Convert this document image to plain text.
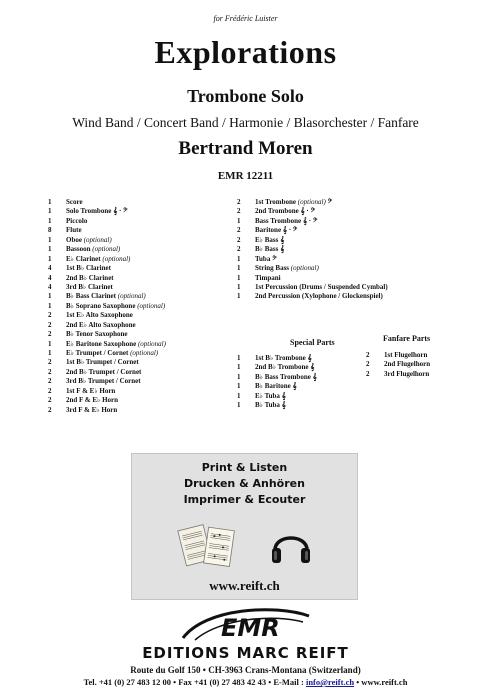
for Frédéric Luister
Explorations
Trombone Solo
Wind Band / Concert Band / Harmonie / Blasorchester / Fanfare
Bertrand Moren
EMR 12211
1	Score
1	Solo Trombone 𝄞 · 𝄢
1	Piccolo
8	Flute
1	Oboe (optional)
1	Bassoon (optional)
1	E♭ Clarinet (optional)
4	1st B♭ Clarinet
4	2nd B♭ Clarinet
4	3rd B♭ Clarinet
1	B♭ Bass Clarinet (optional)
1	B♭ Soprano Saxophone (optional)
2	1st E♭ Alto Saxophone
2	2nd E♭ Alto Saxophone
2	B♭ Tenor Saxophone
1	E♭ Baritone Saxophone (optional)
1	E♭ Trumpet / Cornet (optional)
2	1st B♭ Trumpet / Cornet
2	2nd B♭ Trumpet / Cornet
2	3rd B♭ Trumpet / Cornet
2	1st F & E♭ Horn
2	2nd F & E♭ Horn
2	3rd F & E♭ Horn
2	1st Trombone (optional) 𝄢
2	2nd Trombone 𝄞 · 𝄢
1	Bass Trombone 𝄞 · 𝄢
2	Baritone 𝄞 · 𝄢
2	E♭ Bass 𝄞
2	B♭ Bass 𝄞
1	Tuba 𝄢
1	String Bass (optional)
1	Timpani
1	1st Percussion (Drums / Suspended Cymbal)
1	2nd Percussion (Xylophone / Glockenspiel)
Special Parts
1	1st B♭ Trombone 𝄞
1	2nd B♭ Trombone 𝄞
1	B♭ Bass Trombone 𝄞
1	B♭ Baritone 𝄞
1	E♭ Tuba 𝄞
1	B♭ Tuba 𝄞
Fanfare Parts
2	1st Flugelhorn
2	2nd Flugelhorn
2	3rd Flugelhorn
Print & Listen
Drucken & Anhören
Imprimer & Ecouter
www.reift.ch
EMR
EDITIONS MARC REIFT
Route du Golf 150 • CH-3963 Crans-Montana (Switzerland)
Tel. +41 (0) 27 483 12 00 • Fax +41 (0) 27 483 42 43 • E-Mail : info@reift.ch • www.reift.ch
